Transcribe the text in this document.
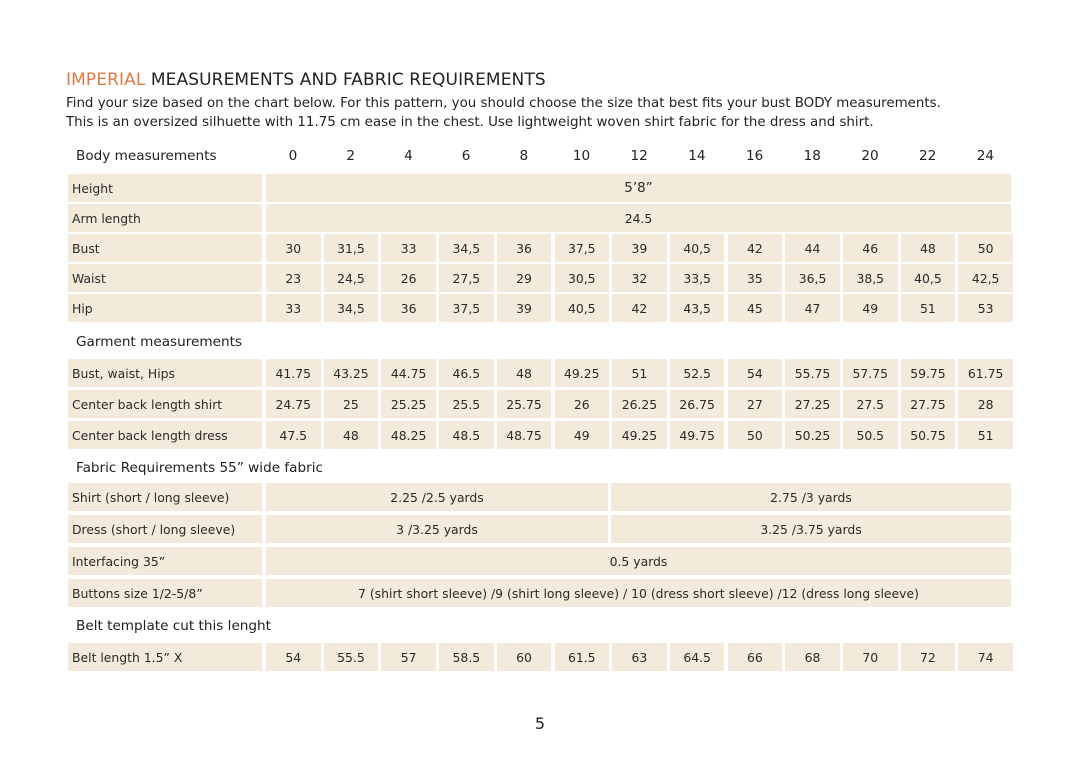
IMPERIAL MEASUREMENTS AND FABRIC REQUIREMENTS
Find your size based on the chart below. For this pattern, you should choose the size that best fits your bust BODY measurements.
This is an oversized silhuette with 11.75 cm ease in the chest. Use lightweight woven shirt fabric for the dress and shirt.
Body measurements	0	2	4	6	8	10	12	14	16	18	20	22	24
Height	5’8”
Arm length	24.5
Bust	30	31,5	33	34,5	36	37,5	39	40,5	42	44	46	48	50
Waist	23	24,5	26	27,5	29	30,5	32	33,5	35	36,5	38,5	40,5	42,5
Hip	33	34,5	36	37,5	39	40,5	42	43,5	45	47	49	51	53
Garment measurements
Bust, waist, Hips	41.75	43.25	44.75	46.5	48	49.25	51	52.5	54	55.75	57.75	59.75	61.75
Center back length shirt	24.75	25	25.25	25.5	25.75	26	26.25	26.75	27	27.25	27.5	27.75	28
Center back length dress	47.5	48	48.25	48.5	48.75	49	49.25	49.75	50	50.25	50.5	50.75	51
Fabric Requirements 55” wide fabric
Shirt (short / long sleeve)	2.25 /2.5 yards	2.75 /3 yards
Dress (short / long sleeve)	3 /3.25 yards	3.25 /3.75 yards
Interfacing 35”	0.5 yards
Buttons size 1/2-5/8”	7 (shirt short sleeve) /9 (shirt long sleeve) / 10 (dress short sleeve) /12 (dress long sleeve)
Belt template cut this lenght
Belt length 1.5” X	54	55.5	57	58.5	60	61.5	63	64.5	66	68	70	72	74
5
